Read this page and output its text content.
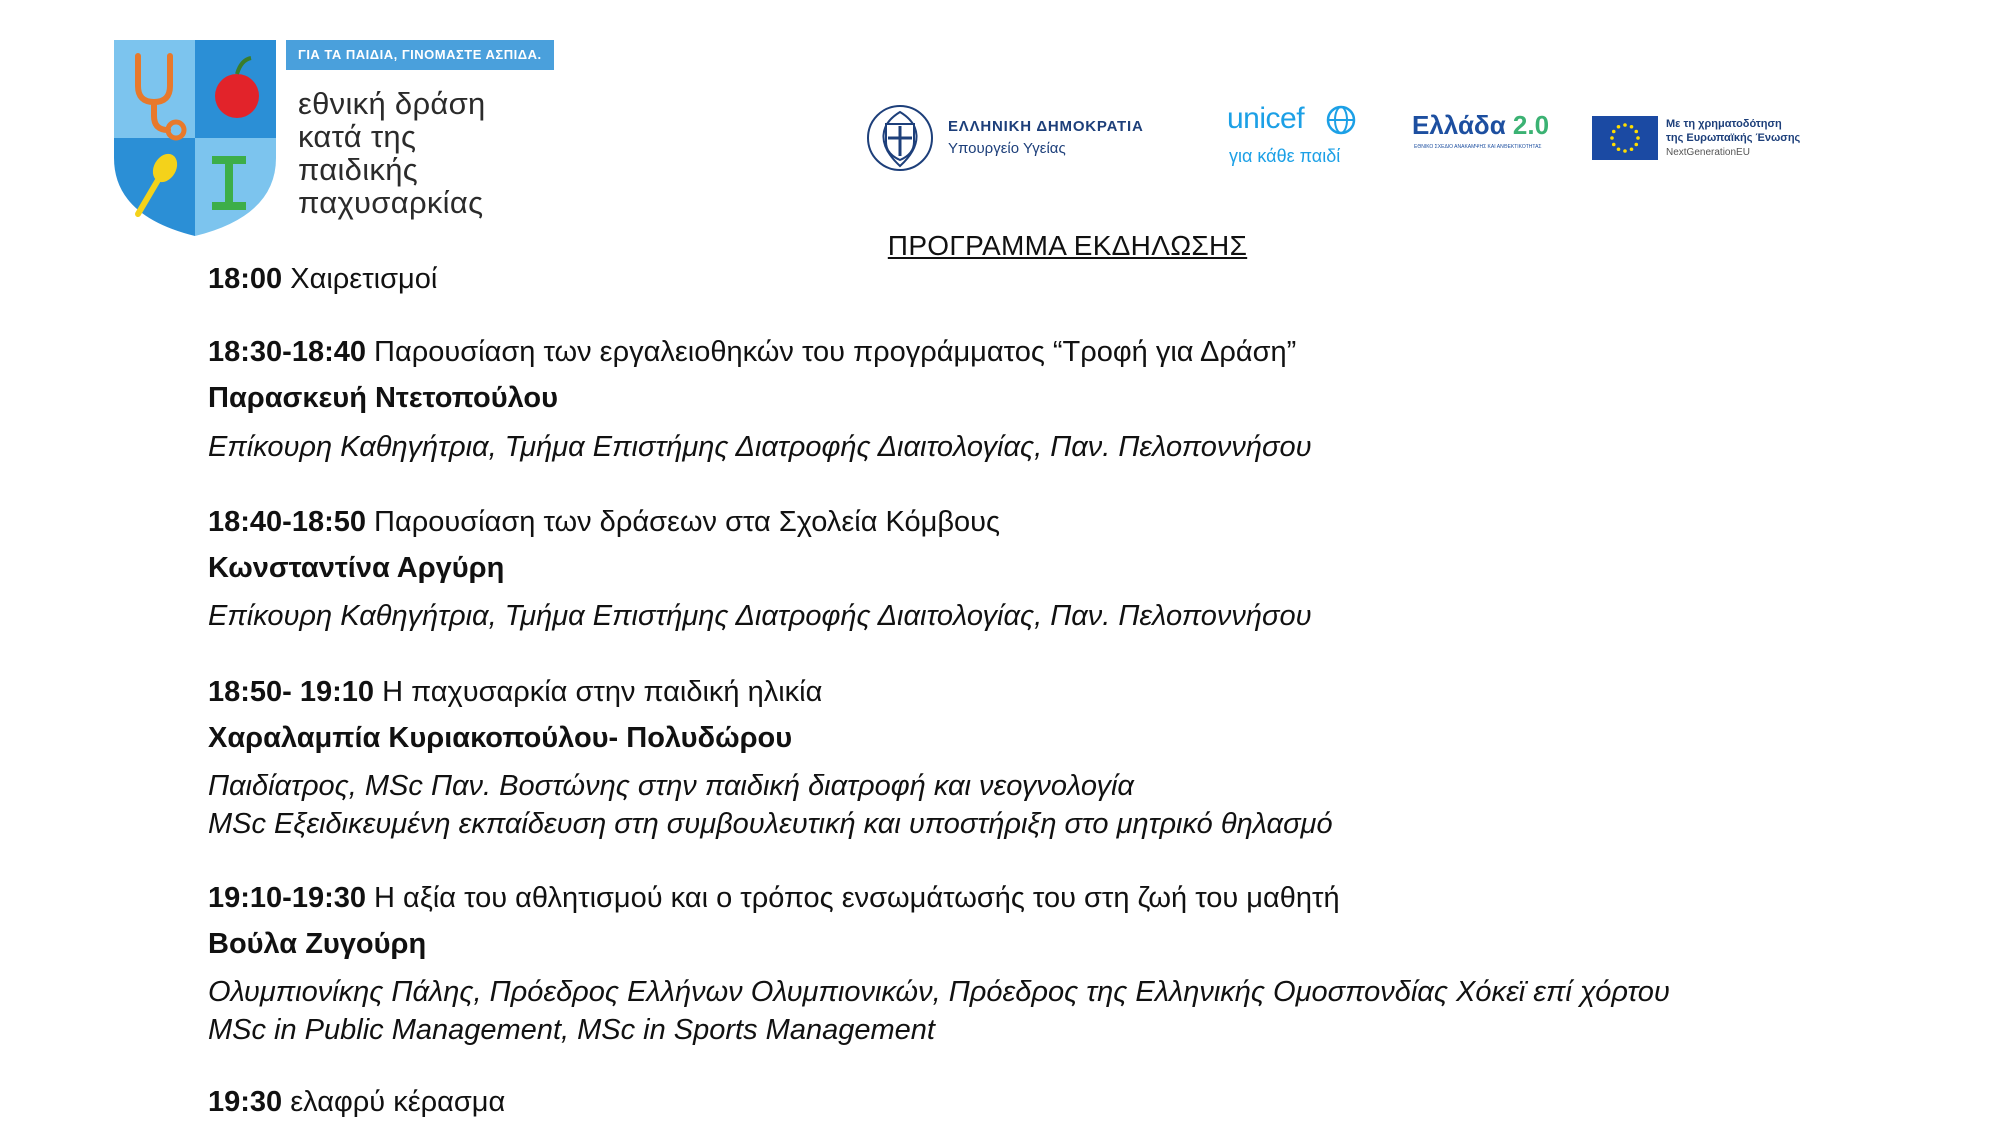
ΓΙΑ ΤΑ ΠΑΙΔΙΑ, ΓΙΝΟΜΑΣΤΕ ΑΣΠΙΔΑ.
εθνική δράση
κατά της
παιδικής
παχυσαρκίας
ΕΛΛΗΝΙΚΗ ΔΗΜΟΚΡΑΤΙΑ
Υπουργείο Υγείας
unicef
για κάθε παιδί
Ελλάδα 2.0
ΕΘΝΙΚΟ ΣΧΕΔΙΟ ΑΝΑΚΑΜΨΗΣ ΚΑΙ ΑΝΘΕΚΤΙΚΟΤΗΤΑΣ
Με τη χρηματοδότηση
της Ευρωπαϊκής Ένωσης
NextGenerationEU
ΠΡΟΓΡΑΜΜΑ ΕΚΔΗΛΩΣΗΣ
18:00 Χαιρετισμοί
18:30-18:40 Παρουσίαση των εργαλειοθηκών του προγράμματος “Τροφή για Δράση”
Παρασκευή Ντετοπούλου
Επίκουρη Καθηγήτρια, Τμήμα Επιστήμης Διατροφής Διαιτολογίας, Παν. Πελοποννήσου
18:40-18:50 Παρουσίαση των δράσεων στα Σχολεία Κόμβους
Κωνσταντίνα Αργύρη
Επίκουρη Καθηγήτρια, Τμήμα Επιστήμης Διατροφής Διαιτολογίας, Παν. Πελοποννήσου
18:50- 19:10 Η παχυσαρκία στην παιδική ηλικία
Χαραλαμπία Κυριακοπούλου- Πολυδώρου
Παιδίατρος, MSc Παν. Βοστώνης στην παιδική διατροφή και νεογνολογία
MSc Εξειδικευμένη εκπαίδευση στη συμβουλευτική και υποστήριξη στο μητρικό θηλασμό
19:10-19:30 Η αξία του αθλητισμού και ο τρόπος ενσωμάτωσής του στη ζωή του μαθητή
Βούλα Ζυγούρη
Ολυμπιονίκης Πάλης, Πρόεδρος Ελλήνων Ολυμπιονικών, Πρόεδρος της Ελληνικής Ομοσπονδίας Χόκεϊ επί χόρτου
MSc in Public Management, MSc in Sports Management
19:30 ελαφρύ κέρασμα
